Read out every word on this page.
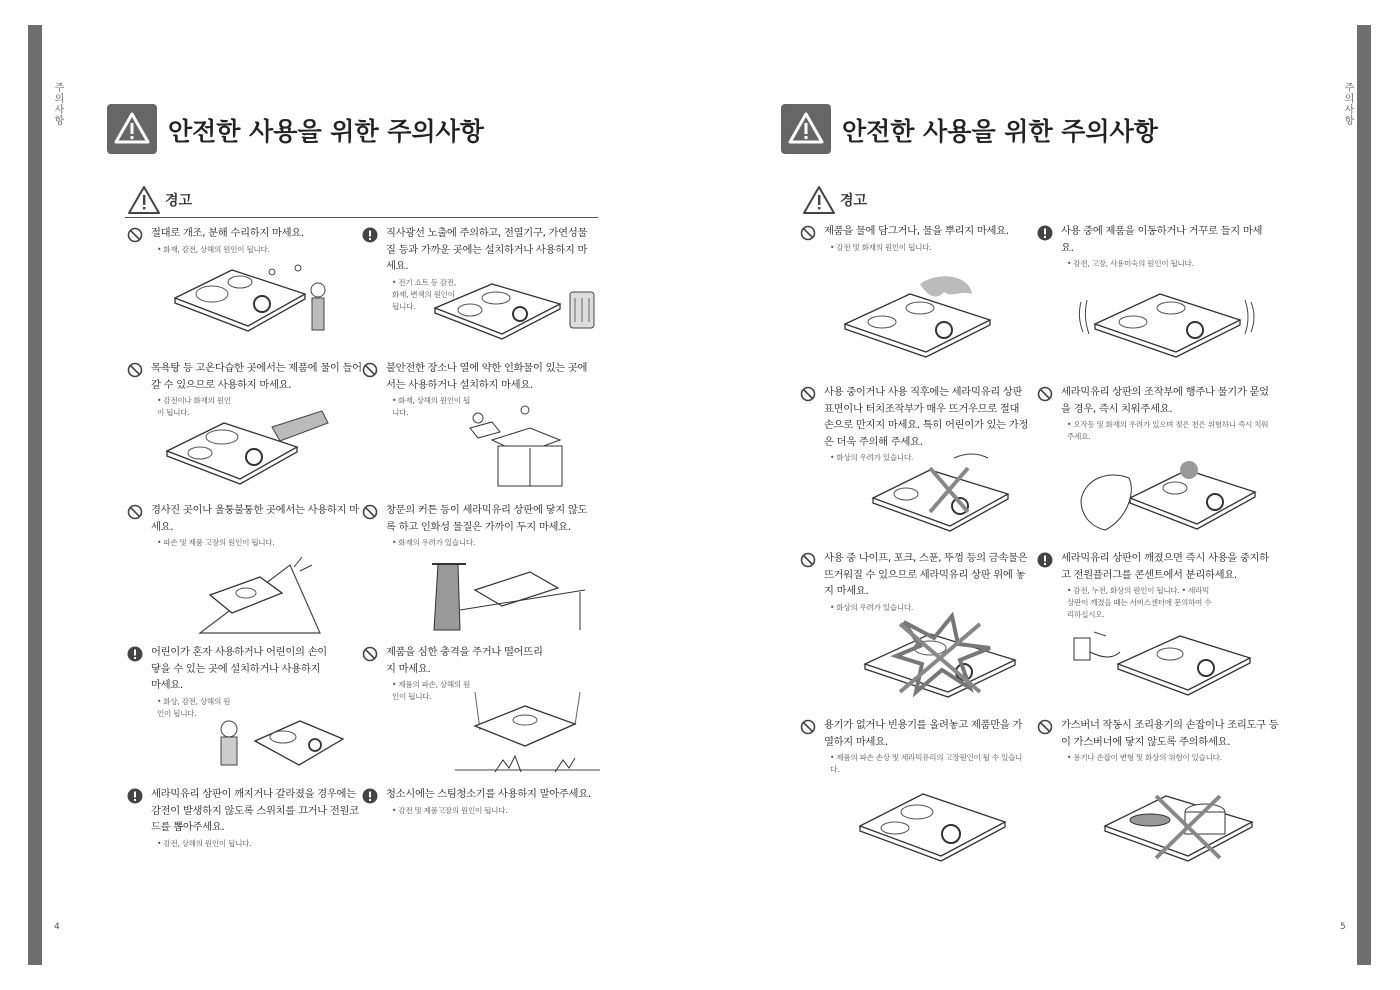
주의사항
4
안전한 사용을 위한 주의사항
경고
절대로 개조, 분해 수리하지 마세요.
• 화재, 감전, 상해의 원인이 됩니다.
직사광선 노출에 주의하고, 전열기구, 가연성물질 등과 가까운 곳에는 설치하거나 사용하지 마세요.
• 전기 쇼트 등 감전, 화재, 변색의 원인이 됩니다.
목욕탕 등 고온다습한 곳에서는 제품에 물이 들어갈 수 있으므로 사용하지 마세요.
• 감전이나 화재의 원인이 됩니다.
불안전한 장소나 열에 약한 인화물이 있는 곳에서는 사용하거나 설치하지 마세요.
• 화재, 상해의 원인이 됩니다.
경사진 곳이나 울퉁불퉁한 곳에서는 사용하지 마세요.
• 파손 및 제품 고장의 원인이 됩니다.
창문의 커튼 등이 세라믹유리 상판에 닿지 않도록 하고 인화성 물질은 가까이 두지 마세요.
• 화재의 우려가 있습니다.
어린이가 혼자 사용하거나 어린이의 손이 닿을 수 있는 곳에 설치하거나 사용하지 마세요.
• 화상, 감전, 상해의 원인이 됩니다.
제품을 심한 충격을 주거나 떨어뜨리지 마세요.
• 제품의 파손, 상해의 원인이 됩니다.
세라믹유리 상판이 깨지거나 갈라졌을 경우에는 감전이 발생하지 않도록 스위치를 끄거나 전원코드를 뽑아주세요.
• 감전, 상해의 원인이 됩니다.
청소시에는 스팀청소기를 사용하지 말아주세요.
• 감전 및 제품고장의 원인이 됩니다.
주의사항
5
안전한 사용을 위한 주의사항
경고
제품을 물에 담그거나, 물을 뿌리지 마세요.
• 감전 및 화재의 원인이 됩니다.
사용 중에 제품을 이동하거나 거꾸로 들지 마세요.
• 감전, 고장, 사용미숙의 원인이 됩니다.
사용 중이거나 사용 직후에는 세라믹유리 상판 표면이나 터치조작부가 매우 뜨거우므로 절대 손으로 만지지 마세요. 특히 어린이가 있는 가정은 더욱 주의해 주세요.
• 화상의 우려가 있습니다.
세라믹유리 상판의 조작부에 행주나 물기가 묻었을 경우, 즉시 치워주세요.
• 오작동 및 화재의 우려가 있으며 젖은 천은 위험하니 즉시 치워 주세요.
사용 중 나이프, 포크, 스푼, 뚜껑 등의 금속물은 뜨거워질 수 있으므로 세라믹유리 상판 위에 놓지 마세요.
• 화상의 우려가 있습니다.
세라믹유리 상판이 깨졌으면 즉시 사용을 중지하고 전원플러그를 콘센트에서 분리하세요.
• 감전, 누전, 화상의 원인이 됩니다. • 세라믹 상판이 깨졌을 때는 서비스센터에 문의하여 수리하십시오.
용기가 없거나 빈용기를 올려놓고 제품만을 가열하지 마세요.
• 제품의 파손 손상 및 세라믹유리의 고장원인이 될 수 있습니다.
가스버너 작동시 조리용기의 손잡이나 조리도구 등이 가스버너에 닿지 않도록 주의하세요.
• 용기나 손잡이 변형 및 화상의 위험이 있습니다.
